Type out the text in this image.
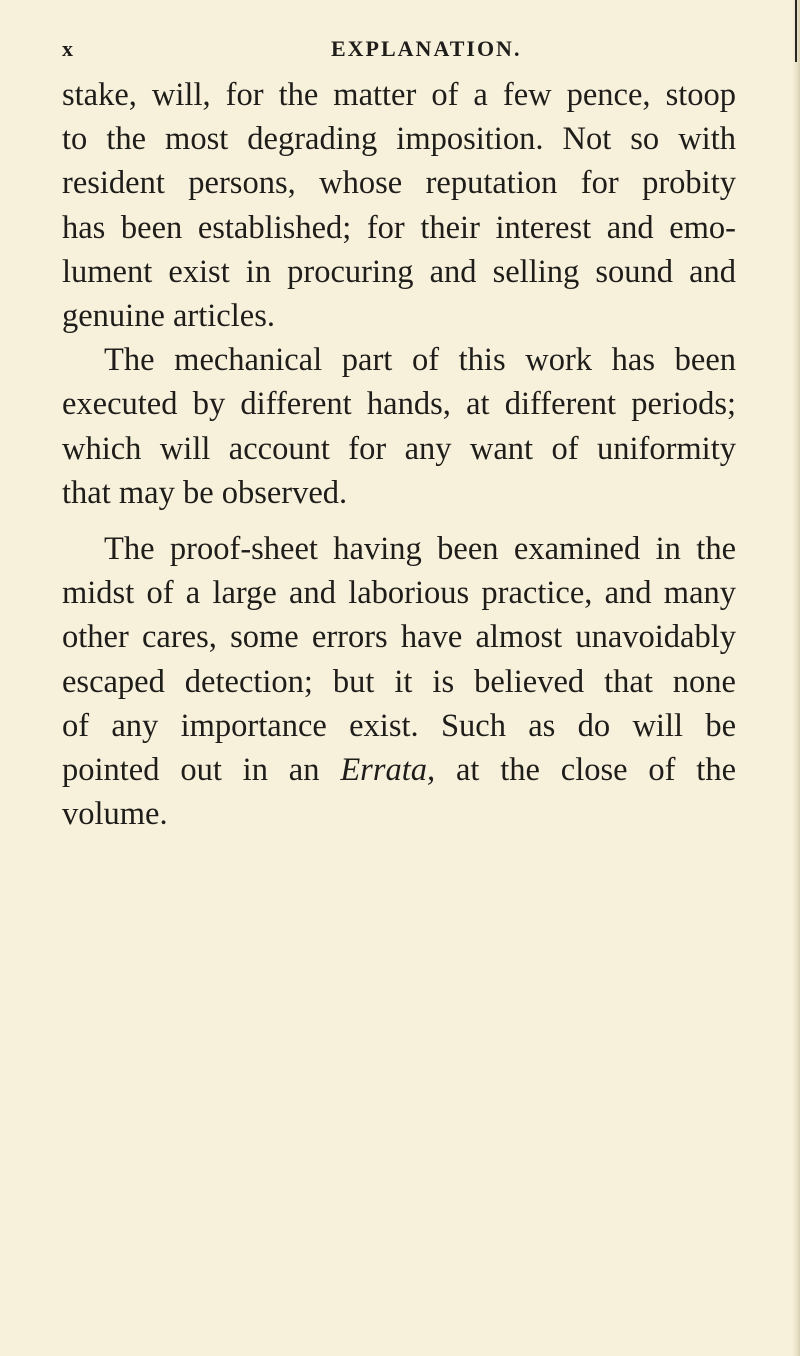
x	EXPLANATION.
stake, will, for the matter of a few pence, stoop
to the most degrading imposition. Not so with
resident persons, whose reputation for probity
has been established; for their interest and emo-
lument exist in procuring and selling sound and
genuine articles.
The mechanical part of this work has been
executed by different hands, at different periods;
which will account for any want of uniformity
that may be observed.
The proof-sheet having been examined in the
midst of a large and laborious practice, and many
other cares, some errors have almost unavoidably
escaped detection; but it is believed that none
of any importance exist. Such as do will be
pointed out in an Errata, at the close of the
volume.
